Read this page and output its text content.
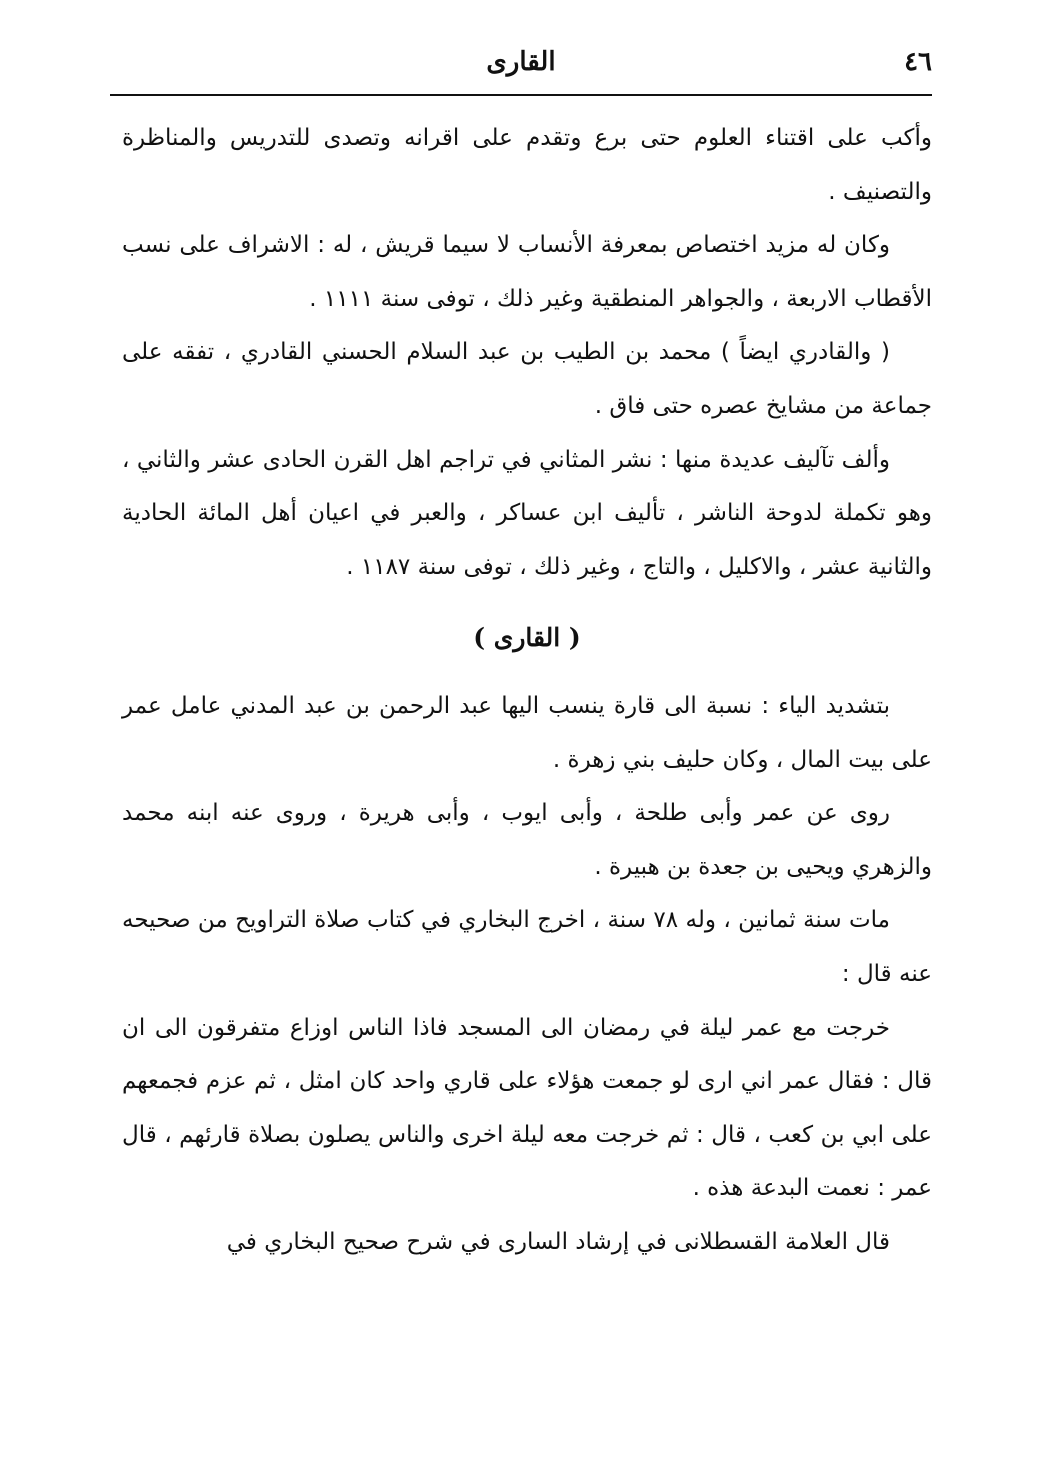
القارى	٤٦

وأكب على اقتناء العلوم حتى برع وتقدم على اقرانه وتصدى للتدريس والمناظرة والتصنيف .

وكان له مزيد اختصاص بمعرفة الأنساب لا سيما قريش ، له : الاشراف على نسب الأقطاب الاربعة ، والجواهر المنطقية وغير ذلك ، توفى سنة ١١١١ .

( والقادري ايضاً ) محمد بن الطيب بن عبد السلام الحسني القادري ، تفقه على جماعة من مشايخ عصره حتى فاق .

وألف تآليف عديدة منها : نشر المثاني في تراجم اهل القرن الحادى عشر والثاني ، وهو تكملة لدوحة الناشر ، تأليف ابن عساكر ، والعبر في اعيان أهل المائة الحادية والثانية عشر ، والاكليل ، والتاج ، وغير ذلك ، توفى سنة ١١٨٧ .

( القارى )

بتشديد الياء : نسبة الى قارة ينسب اليها عبد الرحمن بن عبد المدني عامل عمر على بيت المال ، وكان حليف بني زهرة .

روى عن عمر وأبى طلحة ، وأبى ايوب ، وأبى هريرة ، وروى عنه ابنه محمد والزهري ويحيى بن جعدة بن هبيرة .

مات سنة ثمانين ، وله ٧٨ سنة ، اخرج البخاري في كتاب صلاة التراويح من صحيحه عنه قال :

خرجت مع عمر ليلة في رمضان الى المسجد فاذا الناس اوزاع متفرقون الى ان قال : فقال عمر اني ارى لو جمعت هؤلاء على قاري واحد كان امثل ، ثم عزم فجمعهم على ابي بن كعب ، قال : ثم خرجت معه ليلة اخرى والناس يصلون بصلاة قارئهم ، قال عمر : نعمت البدعة هذه .

قال العلامة القسطلانى في إرشاد السارى في شرح صحيح البخاري في
